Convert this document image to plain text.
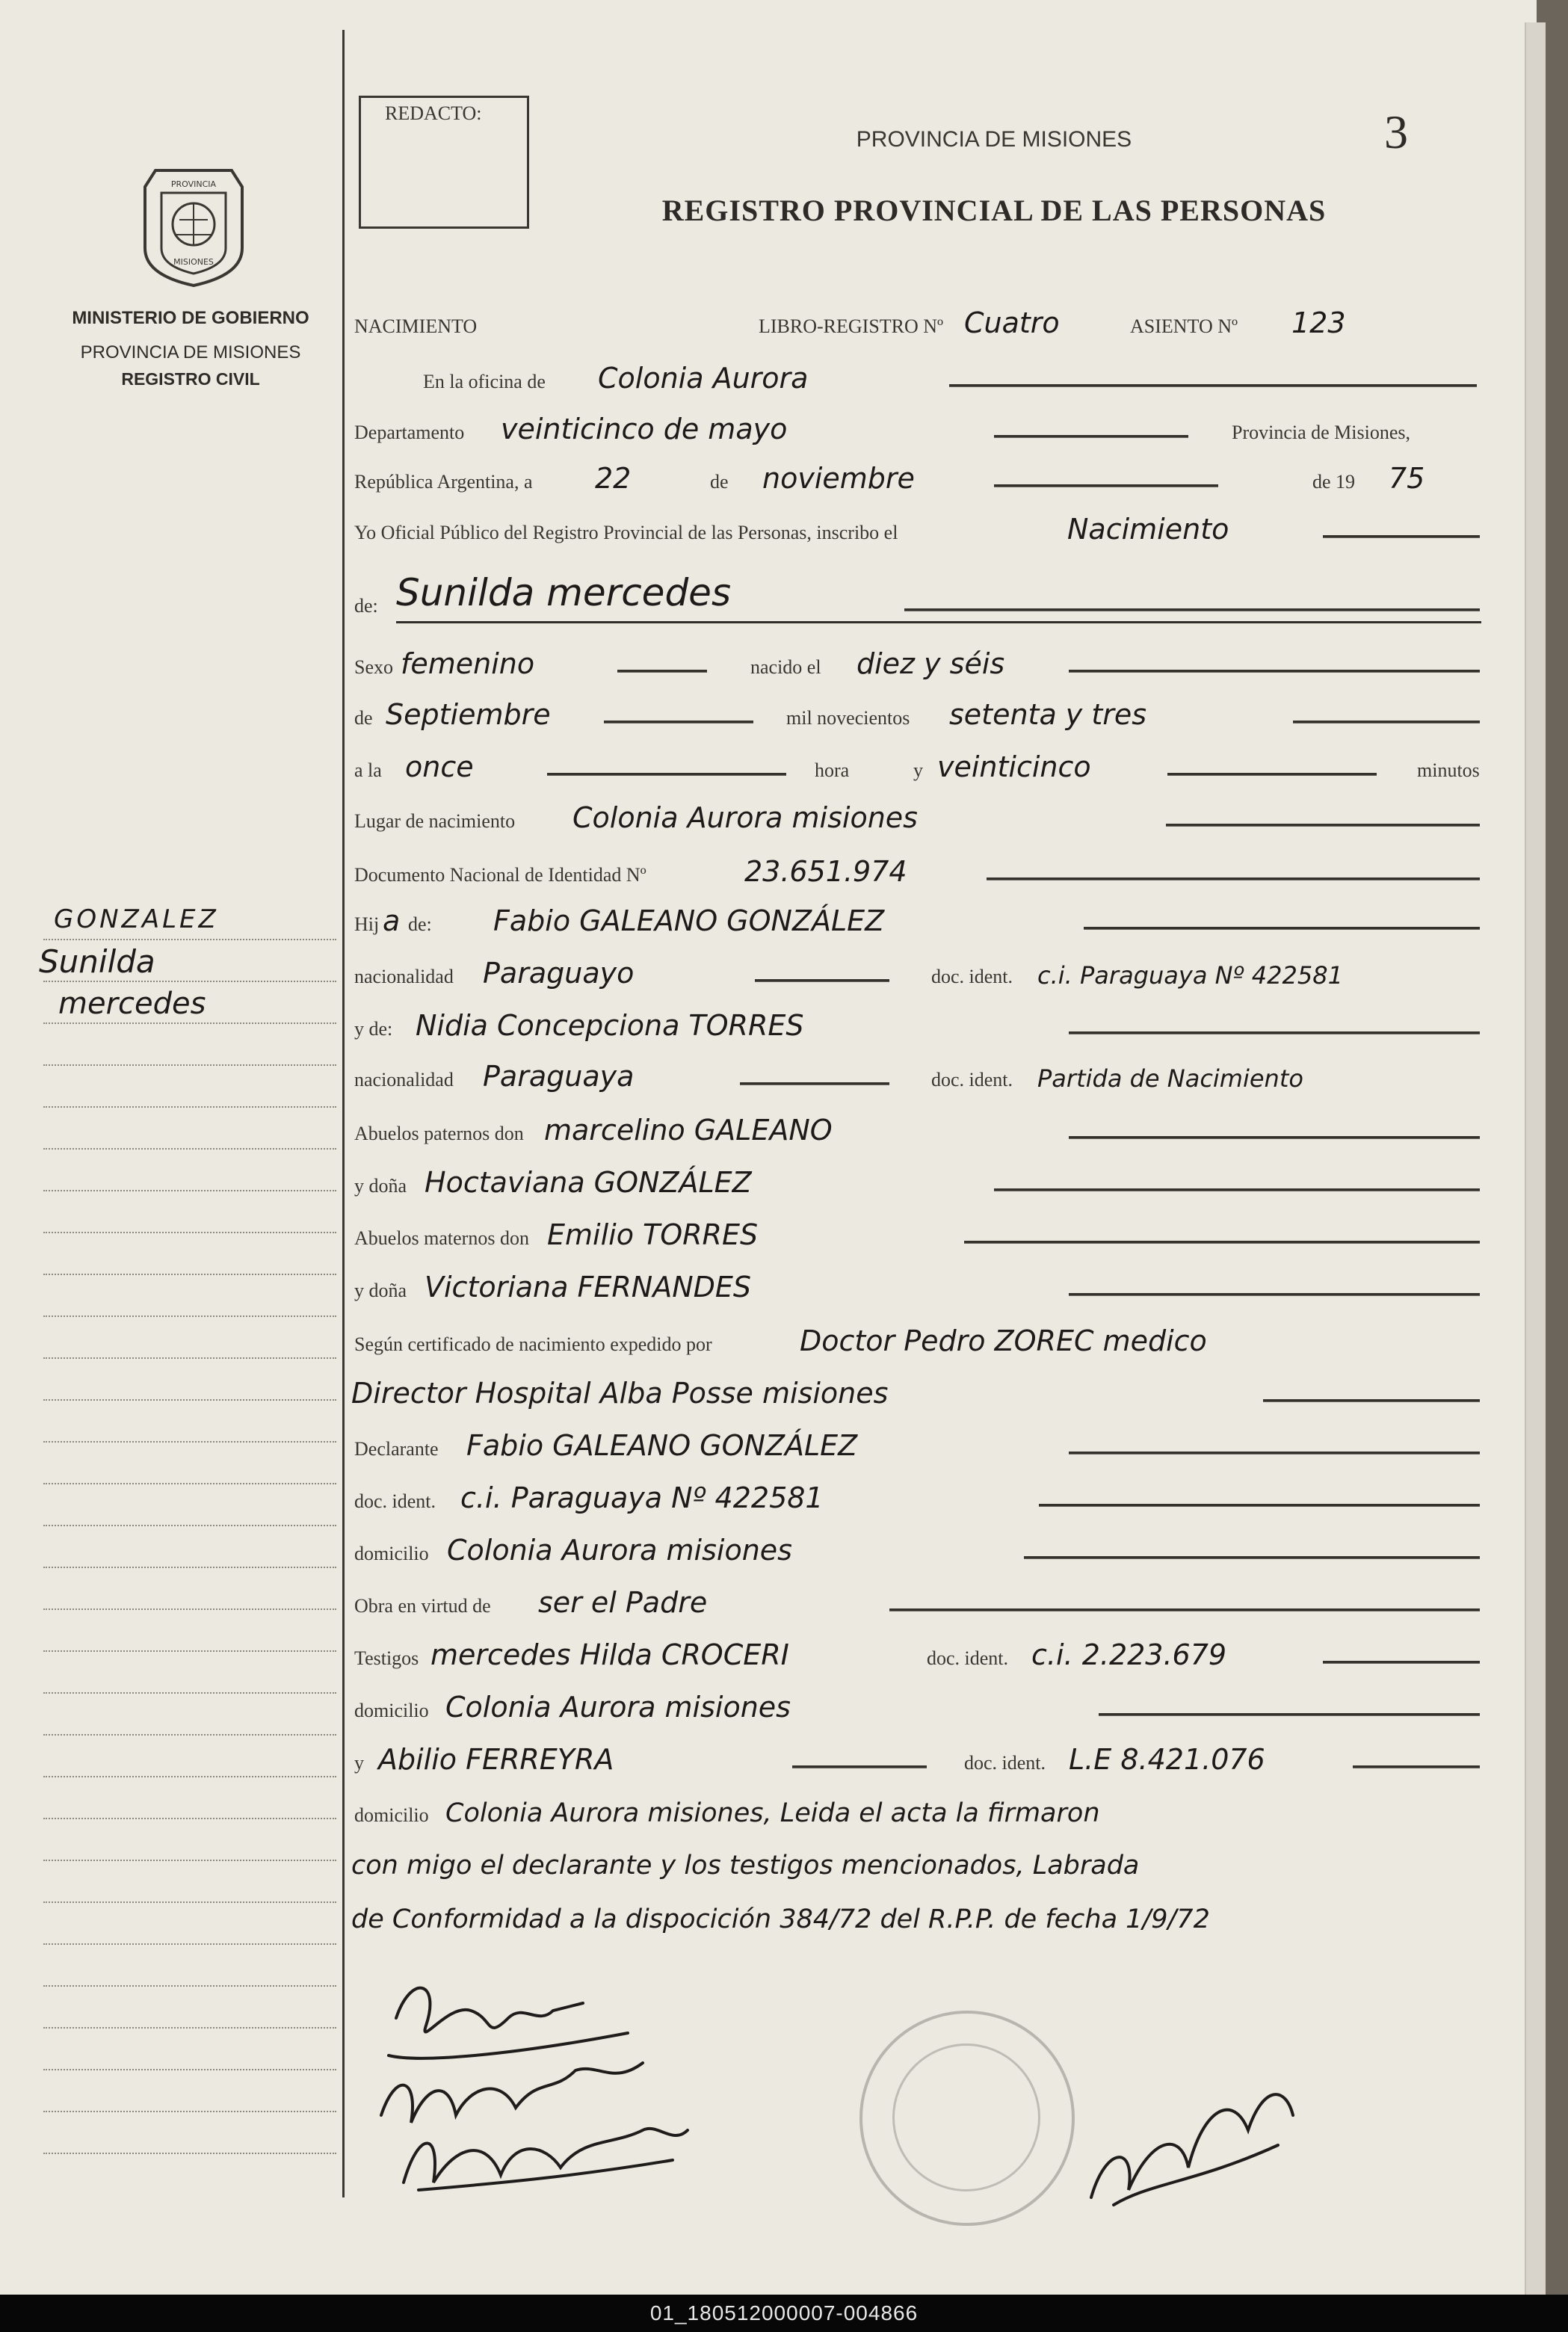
PROVINCIA
MISIONES
MINISTERIO DE GOBIERNO
PROVINCIA DE MISIONES
REGISTRO CIVIL
REDACTO:
PROVINCIA DE MISIONES
REGISTRO PROVINCIAL DE LAS PERSONAS
3
GONZALEZ
Sunilda
mercedes
NACIMIENTO	LIBRO-REGISTRO Nº Cuatro	ASIENTO Nº 123
En la oficina de Colonia Aurora
Departamento veinticinco de mayo	Provincia de Misiones,
República Argentina, a 22	de noviembre	de 19 75
Yo Oficial Público del Registro Provincial de las Personas, inscribo el	Nacimiento
de: Sunilda mercedes
Sexo femenino	nacido el diez y séis
de Septiembre	mil novecientos setenta y tres
a la once	hora	y veinticinco	minutos
Lugar de nacimiento Colonia Aurora misiones
Documento Nacional de Identidad Nº	23.651.974
Hij a de: Fabio GALEANO GONZÁLEZ
nacionalidad Paraguayo	doc. ident. c.i. Paraguaya Nº 422581
y de: Nidia Concepciona TORRES
nacionalidad Paraguaya	doc. ident. Partida de Nacimiento
Abuelos paternos don marcelino GALEANO
y doña Hoctaviana GONZÁLEZ
Abuelos maternos don Emilio TORRES
y doña Victoriana FERNANDES
Según certificado de nacimiento expedido por	Doctor Pedro ZOREC medico
Director Hospital Alba Posse misiones
Declarante Fabio GALEANO GONZÁLEZ
doc. ident. c.i. Paraguaya Nº 422581
domicilio Colonia Aurora misiones
Obra en virtud de ser el Padre
Testigos mercedes Hilda CROCERI	doc. ident. c.i. 2.223.679
domicilio Colonia Aurora misiones
y Abilio FERREYRA	doc. ident. L.E 8.421.076
domicilio Colonia Aurora misiones, Leida el acta la firmaron
con migo el declarante y los testigos mencionados, Labrada
de Conformidad a la dispocición 384/72 del R.P.P. de fecha 1/9/72
01_180512000007-004866
